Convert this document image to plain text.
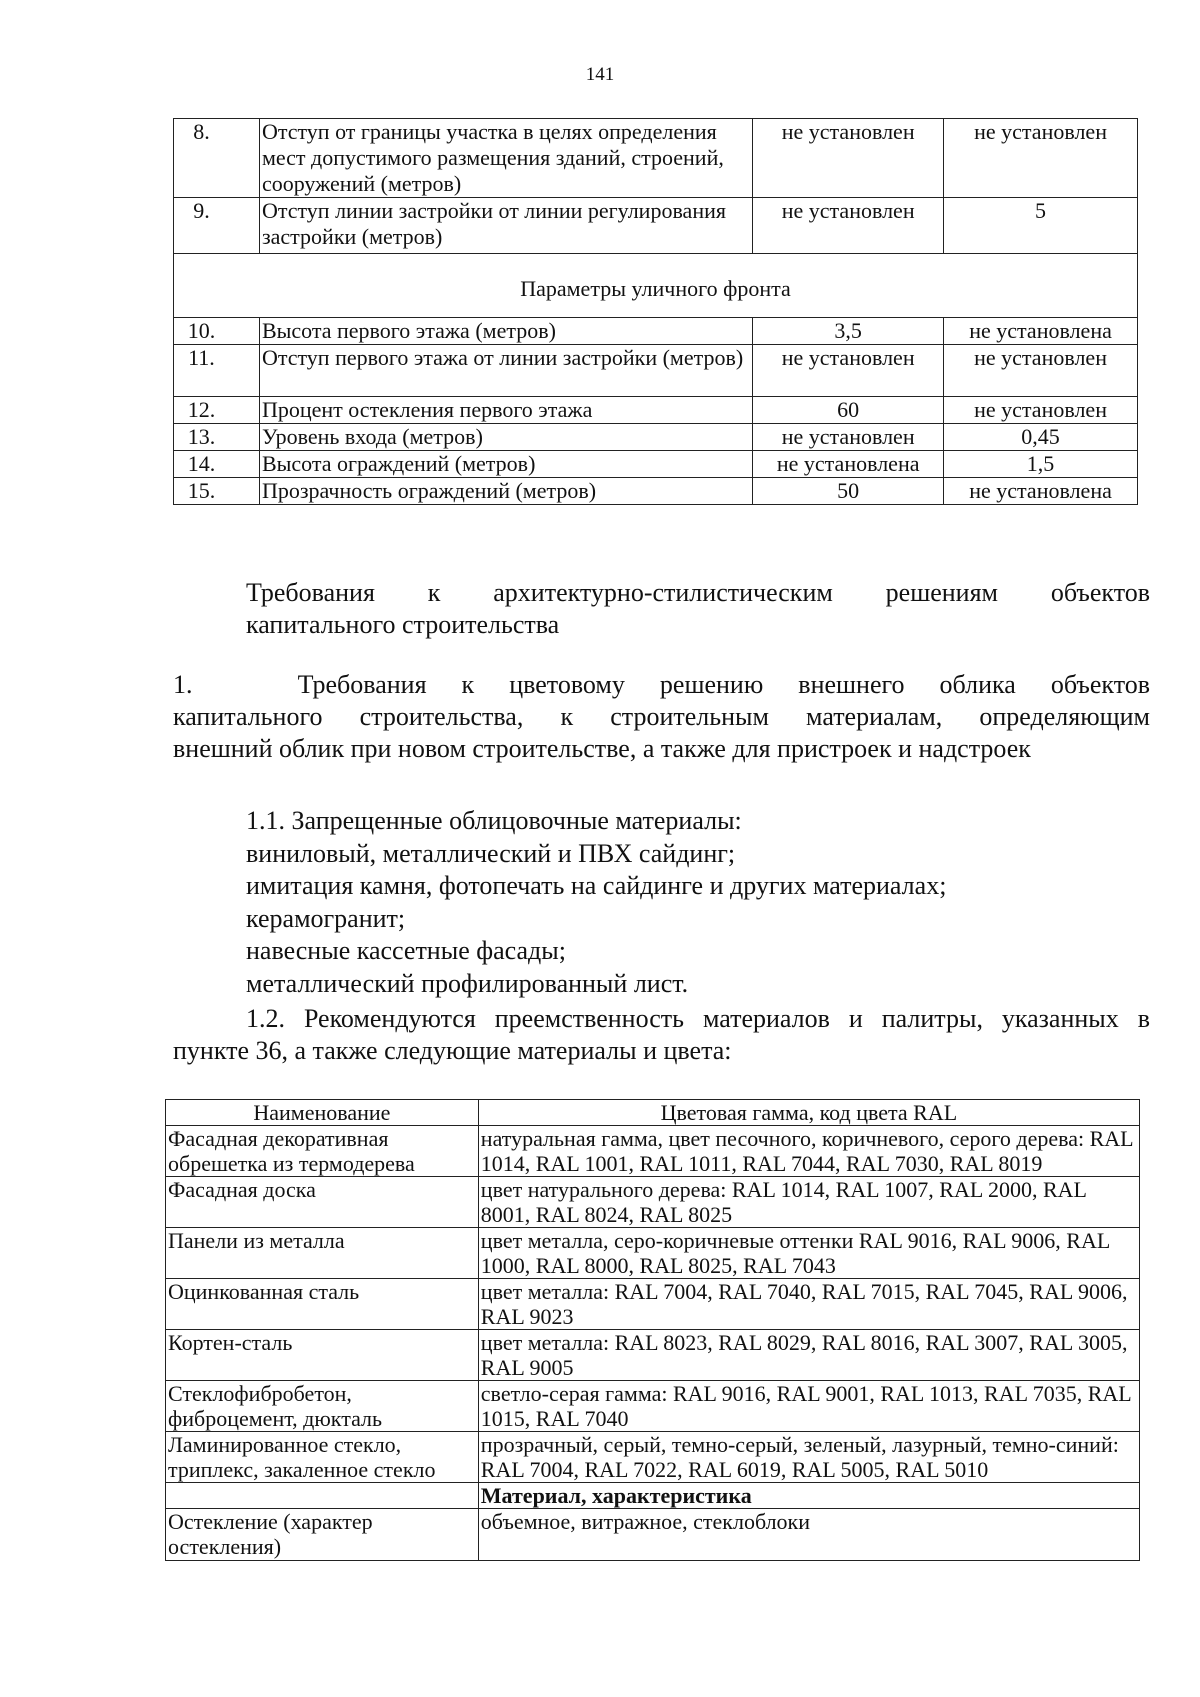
141
8.	Отступ от границы участка в целях определения мест допустимого размещения зданий, строений, сооружений (метров)	не установлен	не установлен
9.	Отступ линии застройки от линии регулирования застройки (метров)	не установлен	5
Параметры уличного фронта			
10.	Высота первого этажа (метров)	3,5	не установлена
11.	Отступ первого этажа от линии застройки (метров)	не установлен	не установлен
12.	Процент остекления первого этажа	60	не установлен
13.	Уровень входа (метров)	не установлен	0,45
14.	Высота ограждений (метров)	не установлена	1,5
15.	Прозрачность ограждений (метров)	50	не установлена
Требования к архитектурно-стилистическим решениям объектов
капитального строительства
1.   Требования к цветовому решению внешнего облика объектов
капитального строительства, к строительным материалам, определяющим
внешний облик при новом строительстве, а также для пристроек и надстроек
1.1. Запрещенные облицовочные материалы:
виниловый, металлический и ПВХ сайдинг;
имитация камня, фотопечать на сайдинге и других материалах;
керамогранит;
навесные кассетные фасады;
металлический профилированный лист.
1.2. Рекомендуются преемственность материалов и палитры, указанных в
пункте 36, а также следующие материалы и цвета:
Наименование	Цветовая гамма, код цвета RAL
Фасадная декоративная обрешетка из термодерева	натуральная гамма, цвет песочного, коричневого, серого дерева: RAL 1014, RAL 1001, RAL 1011, RAL 7044, RAL 7030, RAL 8019
Фасадная доска	цвет натурального дерева: RAL 1014, RAL 1007, RAL 2000, RAL 8001, RAL 8024, RAL 8025
Панели из металла	цвет металла, серо-коричневые оттенки RAL 9016, RAL 9006, RAL 1000, RAL 8000, RAL 8025, RAL 7043
Оцинкованная сталь	цвет металла: RAL 7004, RAL 7040, RAL 7015, RAL 7045, RAL 9006, RAL 9023
Кортен-сталь	цвет металла: RAL 8023, RAL 8029, RAL 8016, RAL 3007, RAL 3005, RAL 9005
Стеклофибробетон, фиброцемент, дюкталь	светло-серая гамма: RAL 9016, RAL 9001, RAL 1013, RAL 7035, RAL 1015, RAL 7040
Ламинированное стекло, триплекс, закаленное стекло	прозрачный, серый, темно-серый, зеленый, лазурный, темно-синий: RAL 7004, RAL 7022, RAL 6019, RAL 5005, RAL 5010
	Материал, характеристика
Остекление (характер остекления)	объемное, витражное, стеклоблоки
